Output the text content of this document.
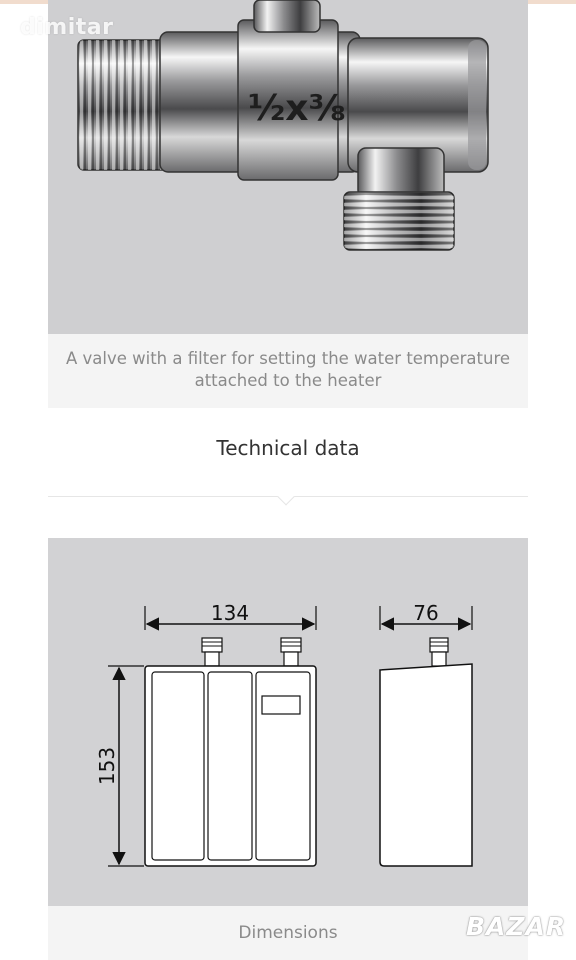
½x⅜
dimitar
A valve with a filter for setting the water temperature
attached to the heater
Technical data
134	76
153
Dimensions	BAZAR
